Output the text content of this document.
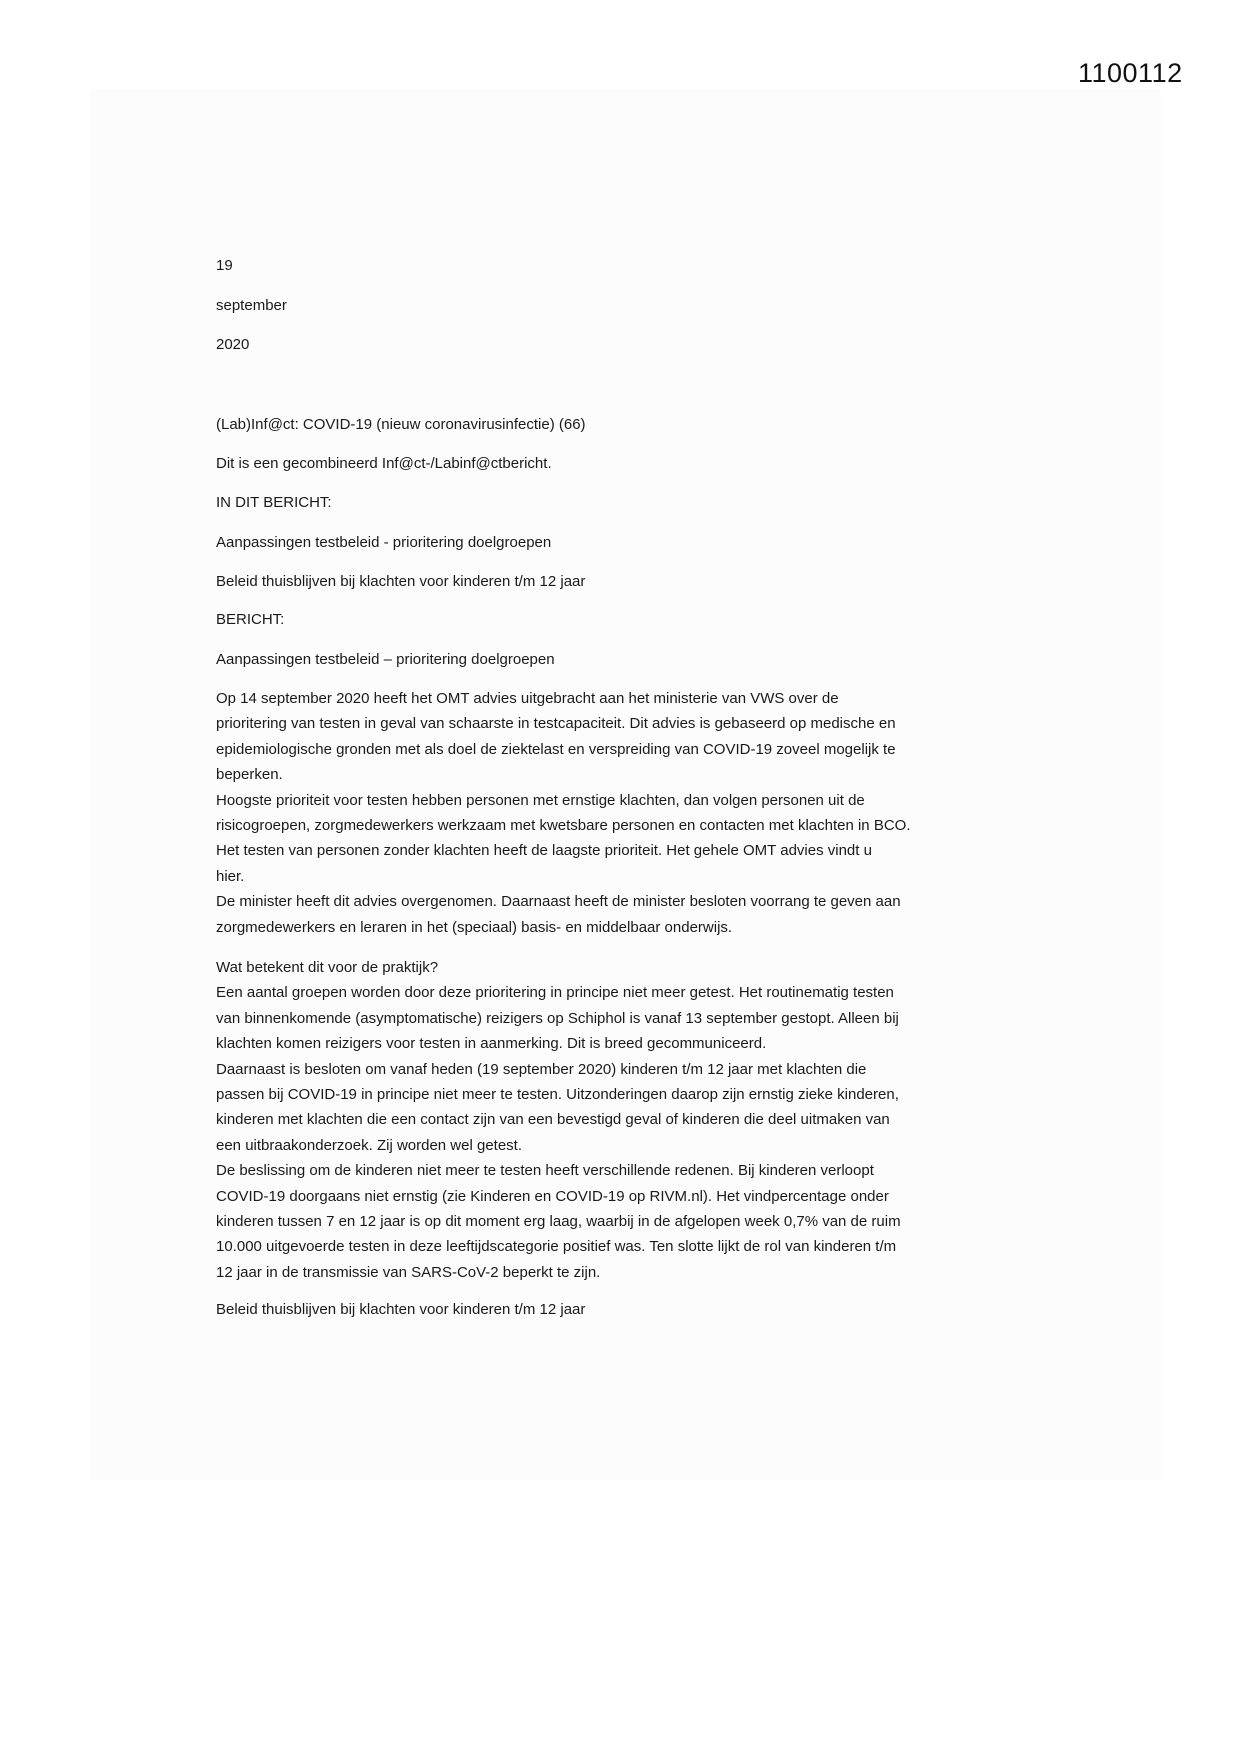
1100112
19
september
2020
(Lab)Inf@ct: COVID-19 (nieuw coronavirusinfectie) (66)
Dit is een gecombineerd Inf@ct-/Labinf@ctbericht.
IN DIT BERICHT:
Aanpassingen testbeleid - prioritering doelgroepen
Beleid thuisblijven bij klachten voor kinderen t/m 12 jaar
BERICHT:
Aanpassingen testbeleid – prioritering doelgroepen
Op 14 september 2020 heeft het OMT advies uitgebracht aan het ministerie van VWS over de
prioritering van testen in geval van schaarste in testcapaciteit. Dit advies is gebaseerd op medische en
epidemiologische gronden met als doel de ziektelast en verspreiding van COVID-19 zoveel mogelijk te
beperken.
Hoogste prioriteit voor testen hebben personen met ernstige klachten, dan volgen personen uit de
risicogroepen, zorgmedewerkers werkzaam met kwetsbare personen en contacten met klachten in BCO.
Het testen van personen zonder klachten heeft de laagste prioriteit. Het gehele OMT advies vindt u
hier.
De minister heeft dit advies overgenomen. Daarnaast heeft de minister besloten voorrang te geven aan
zorgmedewerkers en leraren in het (speciaal) basis- en middelbaar onderwijs.
Wat betekent dit voor de praktijk?
Een aantal groepen worden door deze prioritering in principe niet meer getest. Het routinematig testen
van binnenkomende (asymptomatische) reizigers op Schiphol is vanaf 13 september gestopt. Alleen bij
klachten komen reizigers voor testen in aanmerking. Dit is breed gecommuniceerd.
Daarnaast is besloten om vanaf heden (19 september 2020) kinderen t/m 12 jaar met klachten die
passen bij COVID-19 in principe niet meer te testen. Uitzonderingen daarop zijn ernstig zieke kinderen,
kinderen met klachten die een contact zijn van een bevestigd geval of kinderen die deel uitmaken van
een uitbraakonderzoek. Zij worden wel getest.
De beslissing om de kinderen niet meer te testen heeft verschillende redenen. Bij kinderen verloopt
COVID-19 doorgaans niet ernstig (zie Kinderen en COVID-19 op RIVM.nl). Het vindpercentage onder
kinderen tussen 7 en 12 jaar is op dit moment erg laag, waarbij in de afgelopen week 0,7% van de ruim
10.000 uitgevoerde testen in deze leeftijdscategorie positief was. Ten slotte lijkt de rol van kinderen t/m
12 jaar in de transmissie van SARS-CoV-2 beperkt te zijn.
Beleid thuisblijven bij klachten voor kinderen t/m 12 jaar
